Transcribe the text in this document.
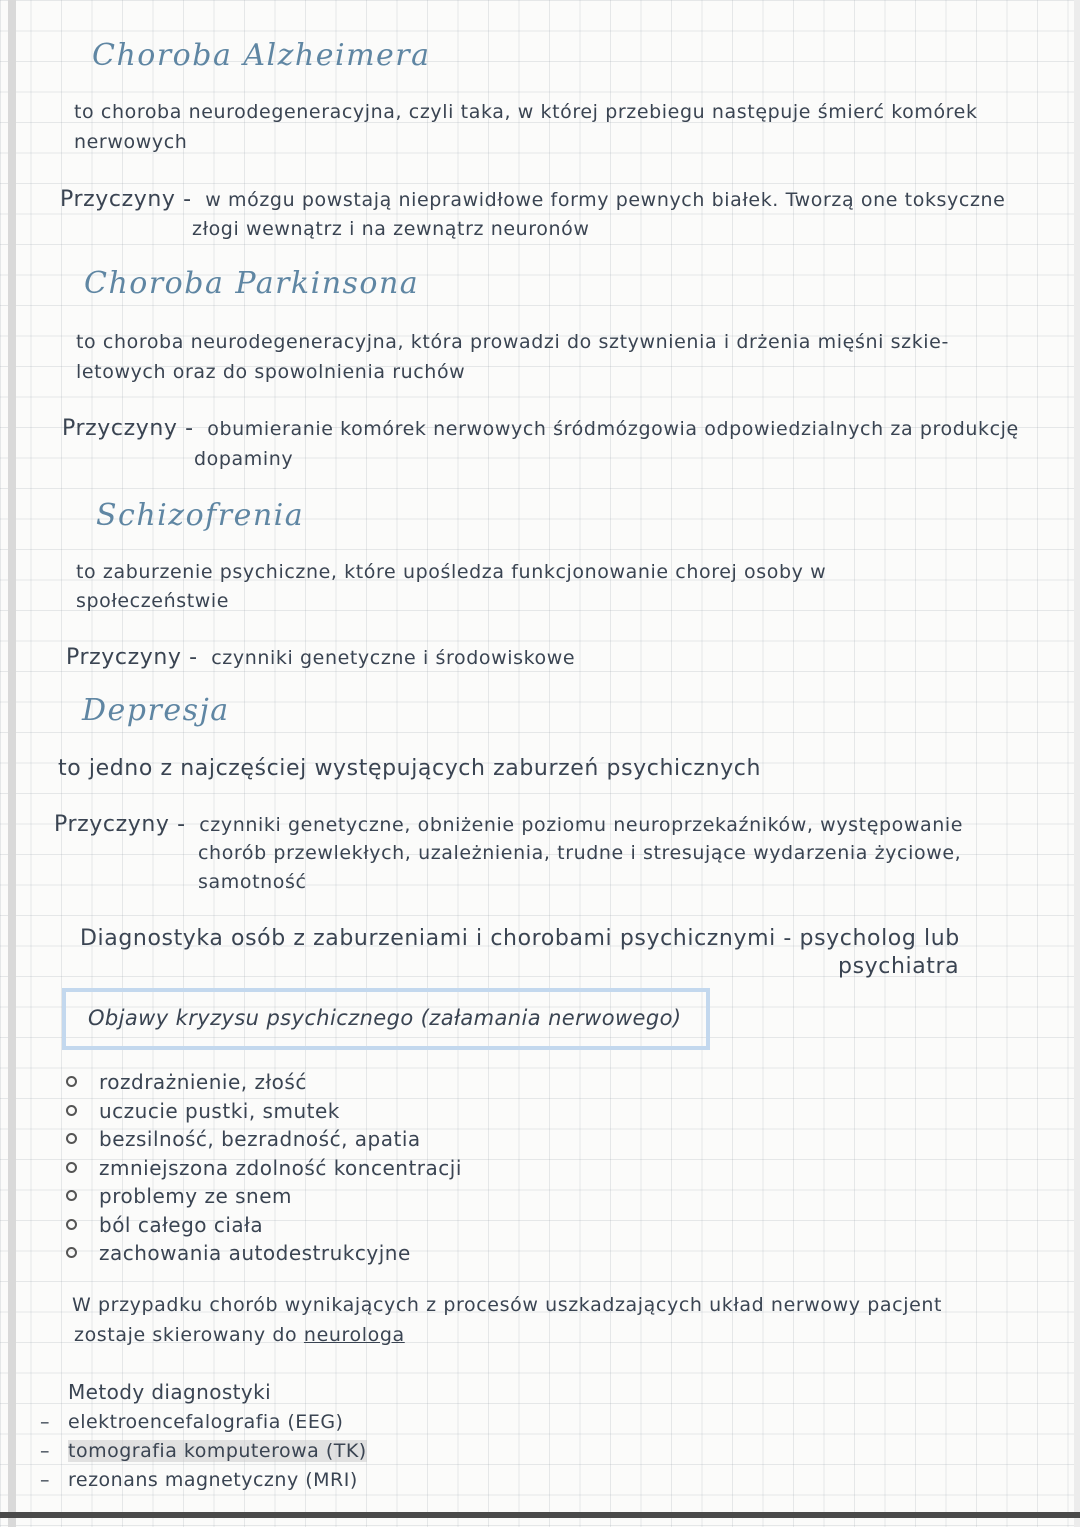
Choroba Alzheimera
to choroba neurodegeneracyjna, czyli taka, w której przebiegu następuje śmierć komórek
nerwowych
Przyczyny - w mózgu powstają nieprawidłowe formy pewnych białek. Tworzą one toksyczne
złogi wewnątrz i na zewnątrz neuronów
Choroba Parkinsona
to choroba neurodegeneracyjna, która prowadzi do sztywnienia i drżenia mięśni szkie-
letowych oraz do spowolnienia ruchów
Przyczyny - obumieranie komórek nerwowych śródmózgowia odpowiedzialnych za produkcję
dopaminy
Schizofrenia
to zaburzenie psychiczne, które upośledza funkcjonowanie chorej osoby w
społeczeństwie
Przyczyny - czynniki genetyczne i środowiskowe
Depresja
to jedno z najczęściej występujących zaburzeń psychicznych
Przyczyny - czynniki genetyczne, obniżenie poziomu neuroprzekaźników, występowanie
chorób przewlekłych, uzależnienia, trudne i stresujące wydarzenia życiowe,
samotność
Diagnostyka osób z zaburzeniami i chorobami psychicznymi - psycholog lub
psychiatra
Objawy kryzysu psychicznego (załamania nerwowego)
rozdrażnienie, złość
uczucie pustki, smutek
bezsilność, bezradność, apatia
zmniejszona zdolność koncentracji
problemy ze snem
ból całego ciała
zachowania autodestrukcyjne
W przypadku chorób wynikających z procesów uszkadzających układ nerwowy pacjent
zostaje skierowany do neurologa
Metody diagnostyki
– elektroencefalografia (EEG)
– tomografia komputerowa (TK)
– rezonans magnetyczny (MRI)
